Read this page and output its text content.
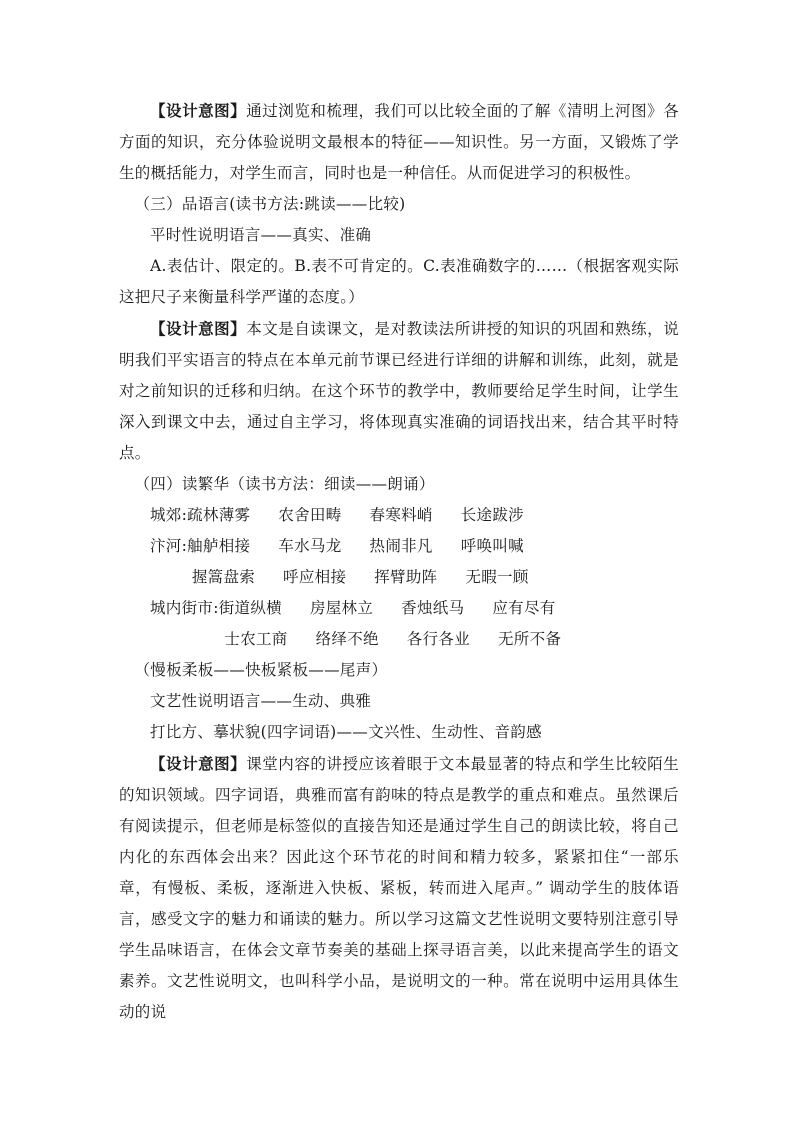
【设计意图】通过浏览和梳理，我们可以比较全面的了解《清明上河图》各方面的知识，充分体验说明文最根本的特征——知识性。另一方面，又锻炼了学生的概括能力，对学生而言，同时也是一种信任。从而促进学习的积极性。

（三）品语言(读书方法:跳读——比较)

平时性说明语言——真实、准确

A.表估计、限定的。B.表不可肯定的。C.表准确数字的……（根据客观实际这把尺子来衡量科学严谨的态度。）

【设计意图】本文是自读课文，是对教读法所讲授的知识的巩固和熟练，说明我们平实语言的特点在本单元前节课已经进行详细的讲解和训练，此刻，就是对之前知识的迁移和归纳。在这个环节的教学中，教师要给足学生时间，让学生深入到课文中去，通过自主学习，将体现真实准确的词语找出来，结合其平时特点。

（四）读繁华（读书方法：细读——朗诵）

城郊:疏林薄雾 农舍田畴 春寒料峭 长途跋涉

汴河:舳舻相接 车水马龙 热闹非凡 呼唤叫喊

握篙盘索 呼应相接 挥臂助阵 无暇一顾

城内街市:街道纵横 房屋林立 香烛纸马 应有尽有

士农工商 络绎不绝 各行各业 无所不备

（慢板柔板——快板紧板——尾声）

文艺性说明语言——生动、典雅

打比方、摹状貌(四字词语)——文兴性、生动性、音韵感

【设计意图】课堂内容的讲授应该着眼于文本最显著的特点和学生比较陌生的知识领域。四字词语，典雅而富有韵味的特点是教学的重点和难点。虽然课后有阅读提示，但老师是标签似的直接告知还是通过学生自己的朗读比较，将自己内化的东西体会出来？因此这个环节花的时间和精力较多，紧紧扣住“一部乐章，有慢板、柔板，逐渐进入快板、紧板，转而进入尾声。” 调动学生的肢体语言，感受文字的魅力和诵读的魅力。所以学习这篇文艺性说明文要特别注意引导学生品味语言，在体会文章节奏美的基础上探寻语言美，以此来提高学生的语文素养。文艺性说明文，也叫科学小品，是说明文的一种。常在说明中运用具体生动的说
